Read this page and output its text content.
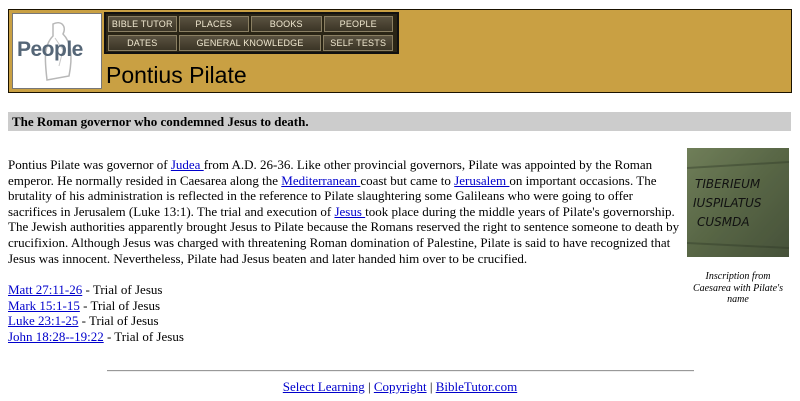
People
BIBLE TUTOR	PLACES	BOOKS	PEOPLE
DATES	GENERAL KNOWLEDGE	SELF TESTS
Pontius Pilate
The Roman governor who condemned Jesus to death.

Pontius Pilate was governor of Judea from A.D. 26-36. Like other provincial governors, Pilate was appointed by the Roman emperor. He normally resided in Caesarea along the Mediterranean coast but came to Jerusalem on important occasions. The brutality of his administration is reflected in the reference to Pilate slaughtering some Galileans who were going to offer sacrifices in Jerusalem (Luke 13:1). The trial and execution of Jesus took place during the middle years of Pilate's governorship. The Jewish authorities apparently brought Jesus to Pilate because the Romans reserved the right to sentence someone to death by crucifixion. Although Jesus was charged with threatening Roman domination of Palestine, Pilate is said to have recognized that Jesus was innocent. Nevertheless, Pilate had Jesus beaten and later handed him over to be crucified.

Matt 27:11-26 - Trial of Jesus
Mark 15:1-15 - Trial of Jesus
Luke 23:1-25 - Trial of Jesus
John 18:28--19:22 - Trial of Jesus
TIBERIEUM
IUSPILATUS
CUSMDA
Inscription from Caesarea with Pilate's name
Select Learning | Copyright | BibleTutor.com
